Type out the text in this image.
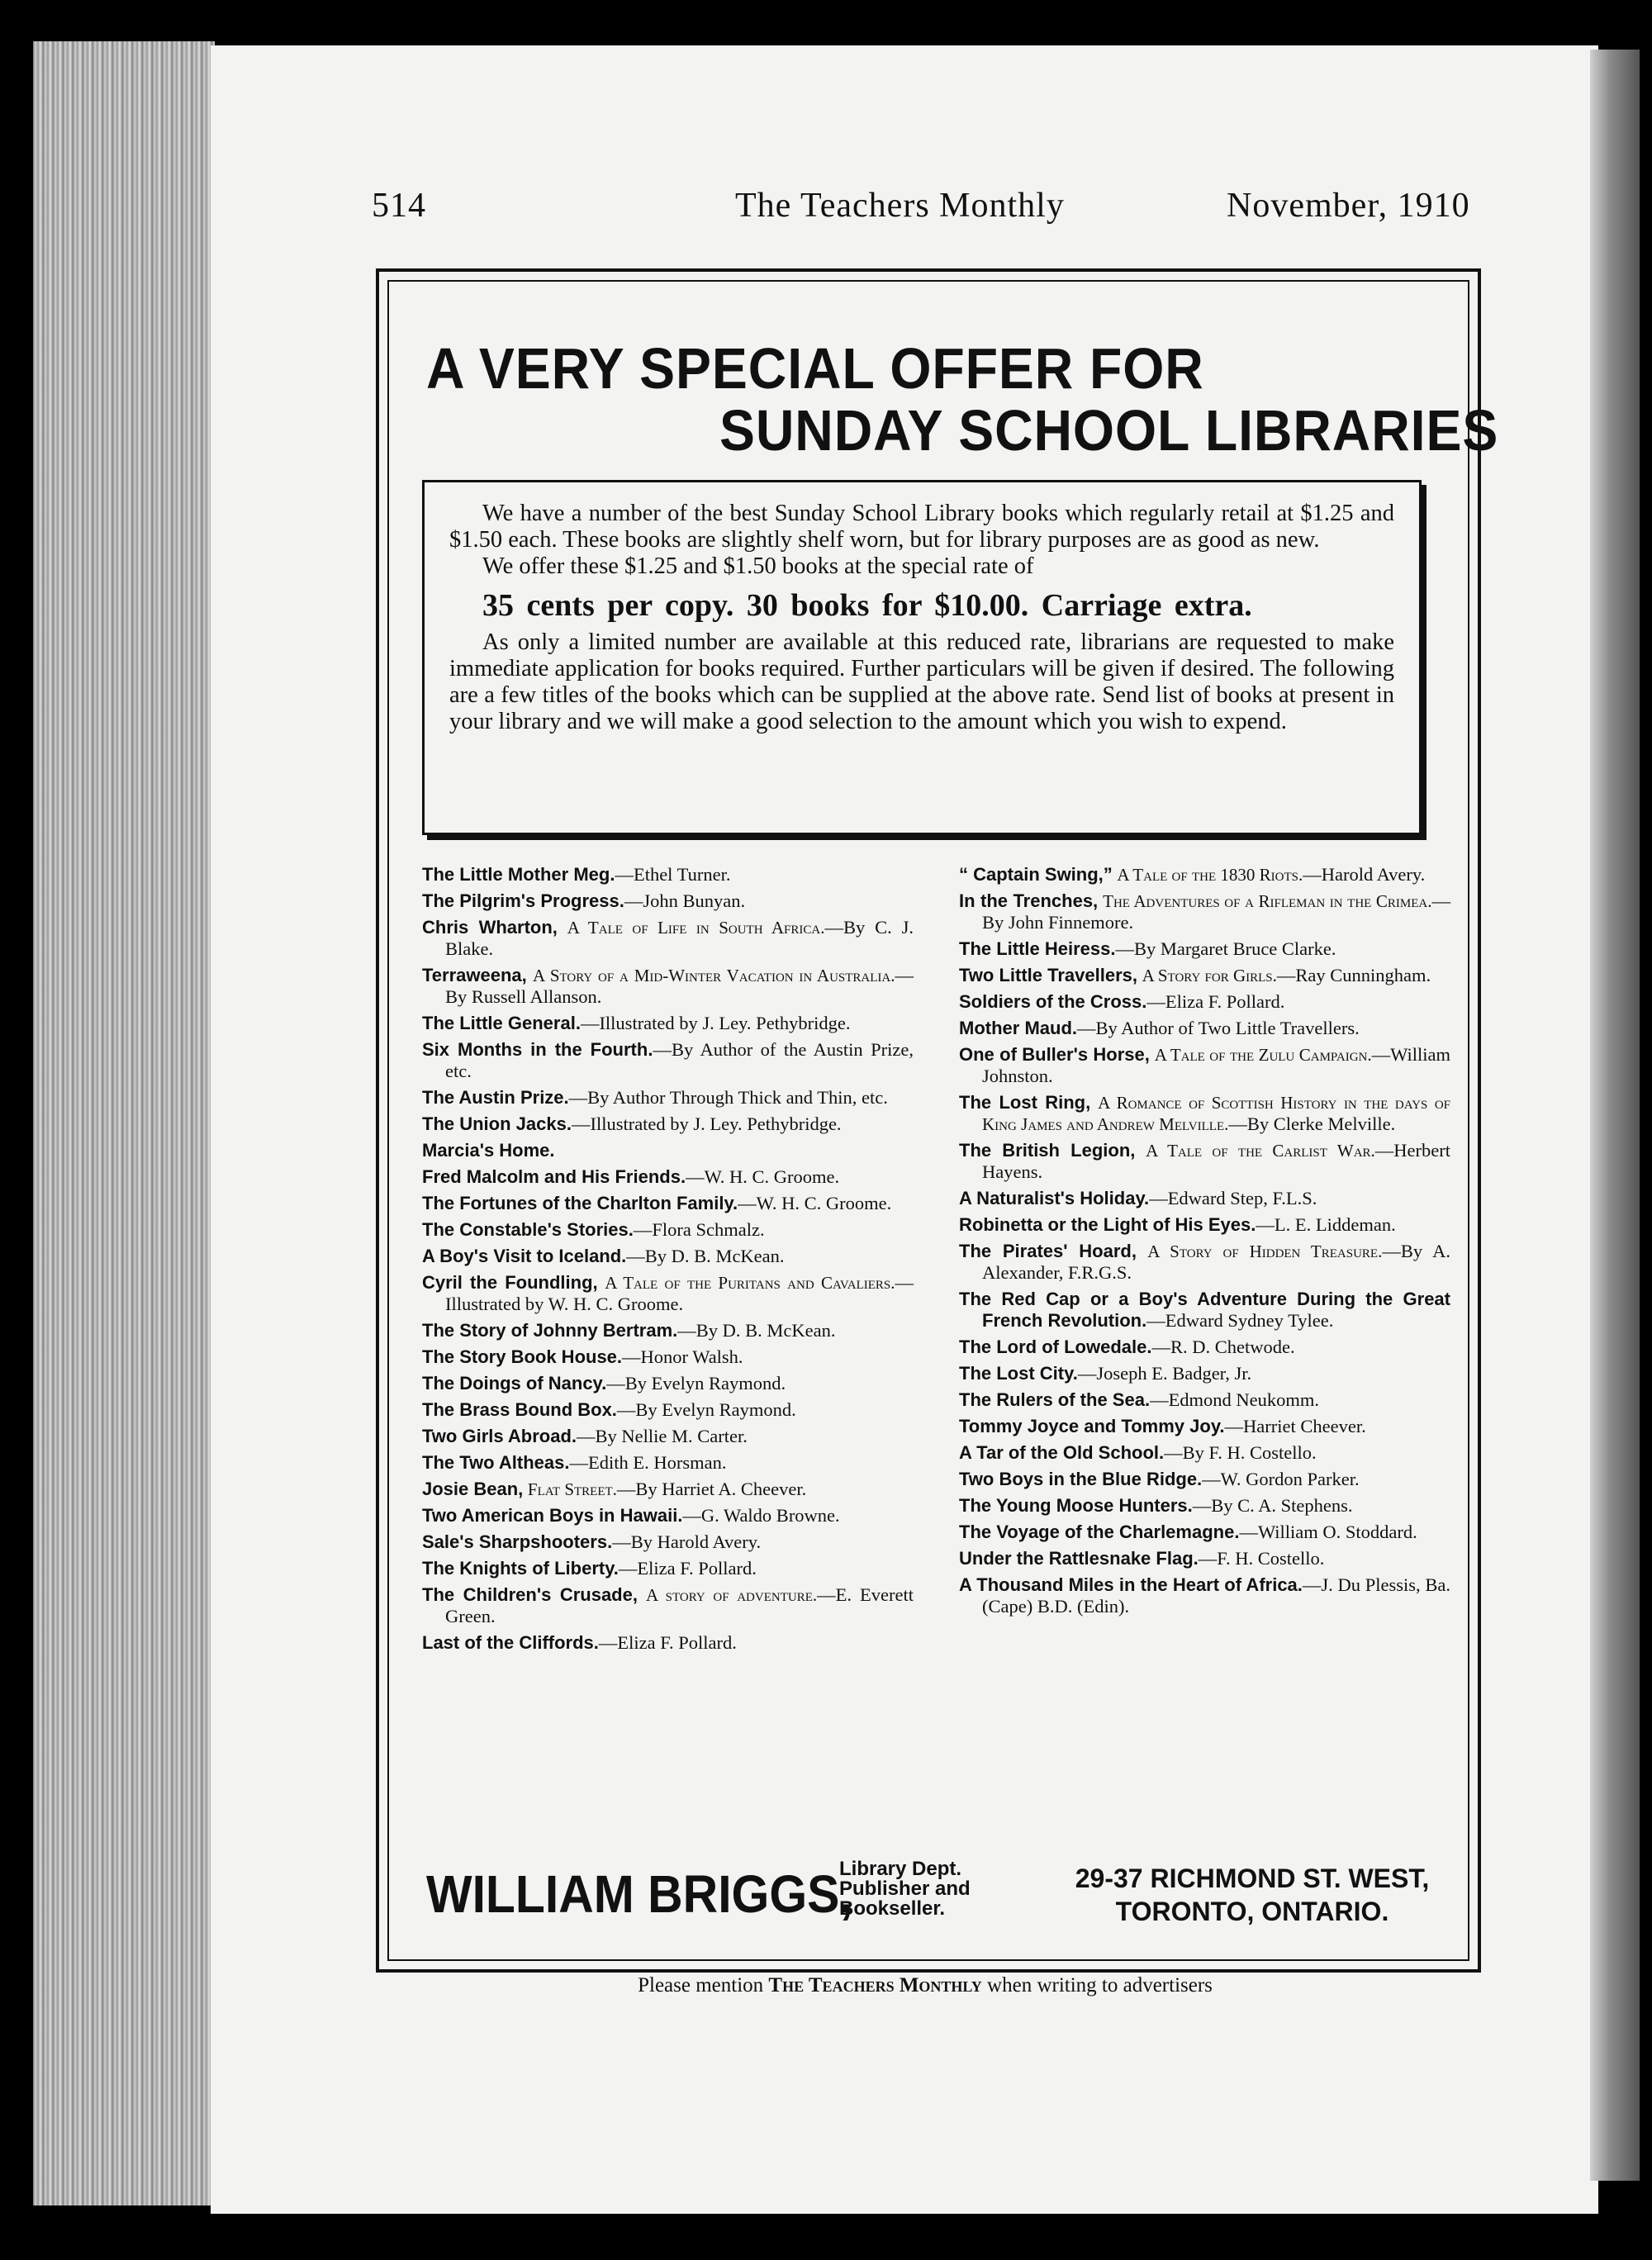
514	The Teachers Monthly	November, 1910
A VERY SPECIAL OFFER FOR
SUNDAY SCHOOL LIBRARIES

We have a number of the best Sunday School Library books which regularly retail at $1.25 and $1.50 each. These books are slightly shelf worn, but for library purposes are as good as new.

We offer these $1.25 and $1.50 books at the special rate of

35 cents per copy. 30 books for $10.00. Carriage extra.

As only a limited number are available at this reduced rate, librarians are requested to make immediate application for books required. Further particulars will be given if desired. The following are a few titles of the books which can be supplied at the above rate. Send list of books at present in your library and we will make a good selection to the amount which you wish to expend.

The Little Mother Meg.—Ethel Turner.
The Pilgrim's Progress.—John Bunyan.
Chris Wharton, A Tale of Life in South Africa.—By C. J. Blake.
Terraweena, A Story of a Mid-Winter Vacation in Australia.—By Russell Allanson.
The Little General.—Illustrated by J. Ley. Pethybridge.
Six Months in the Fourth.—By Author of the Austin Prize, etc.
The Austin Prize.—By Author Through Thick and Thin, etc.
The Union Jacks.—Illustrated by J. Ley. Pethybridge.
Marcia's Home.
Fred Malcolm and His Friends.—W. H. C. Groome.
The Fortunes of the Charlton Family.—W. H. C. Groome.
The Constable's Stories.—Flora Schmalz.
A Boy's Visit to Iceland.—By D. B. McKean.
Cyril the Foundling, A Tale of the Puritans and Cavaliers.—Illustrated by W. H. C. Groome.
The Story of Johnny Bertram.—By D. B. McKean.
The Story Book House.—Honor Walsh.
The Doings of Nancy.—By Evelyn Raymond.
The Brass Bound Box.—By Evelyn Raymond.
Two Girls Abroad.—By Nellie M. Carter.
The Two Altheas.—Edith E. Horsman.
Josie Bean, Flat Street.—By Harriet A. Cheever.
Two American Boys in Hawaii.—G. Waldo Browne.
Sale's Sharpshooters.—By Harold Avery.
The Knights of Liberty.—Eliza F. Pollard.
The Children's Crusade, A story of adventure.—E. Everett Green.
Last of the Cliffords.—Eliza F. Pollard.
“ Captain Swing,” A Tale of the 1830 Riots.—Harold Avery.
In the Trenches, The Adventures of a Rifleman in the Crimea.—By John Finnemore.
The Little Heiress.—By Margaret Bruce Clarke.
Two Little Travellers, A Story for Girls.—Ray Cunningham.
Soldiers of the Cross.—Eliza F. Pollard.
Mother Maud.—By Author of Two Little Travellers.
One of Buller's Horse, A Tale of the Zulu Campaign.—William Johnston.
The Lost Ring, A Romance of Scottish History in the days of King James and Andrew Melville.—By Clerke Melville.
The British Legion, A Tale of the Carlist War.—Herbert Hayens.
A Naturalist's Holiday.—Edward Step, F.L.S.
Robinetta or the Light of His Eyes.—L. E. Liddeman.
The Pirates' Hoard, A Story of Hidden Treasure.—By A. Alexander, F.R.G.S.
The Red Cap or a Boy's Adventure During the Great French Revolution.—Edward Sydney Tylee.
The Lord of Lowedale.—R. D. Chetwode.
The Lost City.—Joseph E. Badger, Jr.
The Rulers of the Sea.—Edmond Neukomm.
Tommy Joyce and Tommy Joy.—Harriet Cheever.
A Tar of the Old School.—By F. H. Costello.
Two Boys in the Blue Ridge.—W. Gordon Parker.
The Young Moose Hunters.—By C. A. Stephens.
The Voyage of the Charlemagne.—William O. Stoddard.
Under the Rattlesnake Flag.—F. H. Costello.
A Thousand Miles in the Heart of Africa.—J. Du Plessis, Ba. (Cape) B.D. (Edin).
WILLIAM BRIGGS,
Library Dept.
Publisher and
Bookseller.
29-37 RICHMOND ST. WEST,
TORONTO, ONTARIO.
Please mention The Teachers Monthly when writing to advertisers
